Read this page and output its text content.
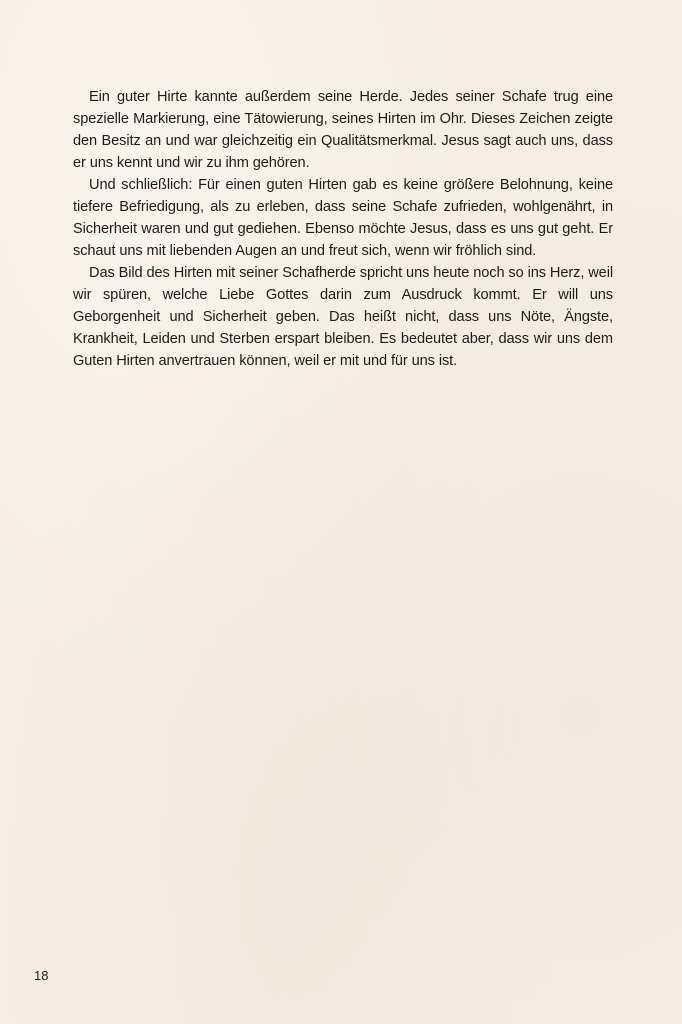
Ein guter Hirte kannte außerdem seine Herde. Jedes seiner Schafe trug eine spezielle Markierung, eine Tätowierung, seines Hirten im Ohr. Dieses Zeichen zeigte den Besitz an und war gleichzeitig ein Qualitätsmerkmal. Jesus sagt auch uns, dass er uns kennt und wir zu ihm gehören.

Und schließlich: Für einen guten Hirten gab es keine größere Belohnung, keine tiefere Befriedigung, als zu erleben, dass seine Schafe zufrieden, wohlgenährt, in Sicherheit waren und gut gediehen. Ebenso möchte Jesus, dass es uns gut geht. Er schaut uns mit liebenden Augen an und freut sich, wenn wir fröhlich sind.

Das Bild des Hirten mit seiner Schafherde spricht uns heute noch so ins Herz, weil wir spüren, welche Liebe Gottes darin zum Ausdruck kommt. Er will uns Geborgenheit und Sicherheit geben. Das heißt nicht, dass uns Nöte, Ängste, Krankheit, Leiden und Sterben erspart bleiben. Es bedeutet aber, dass wir uns dem Guten Hirten anvertrauen können, weil er mit und für uns ist.

18
